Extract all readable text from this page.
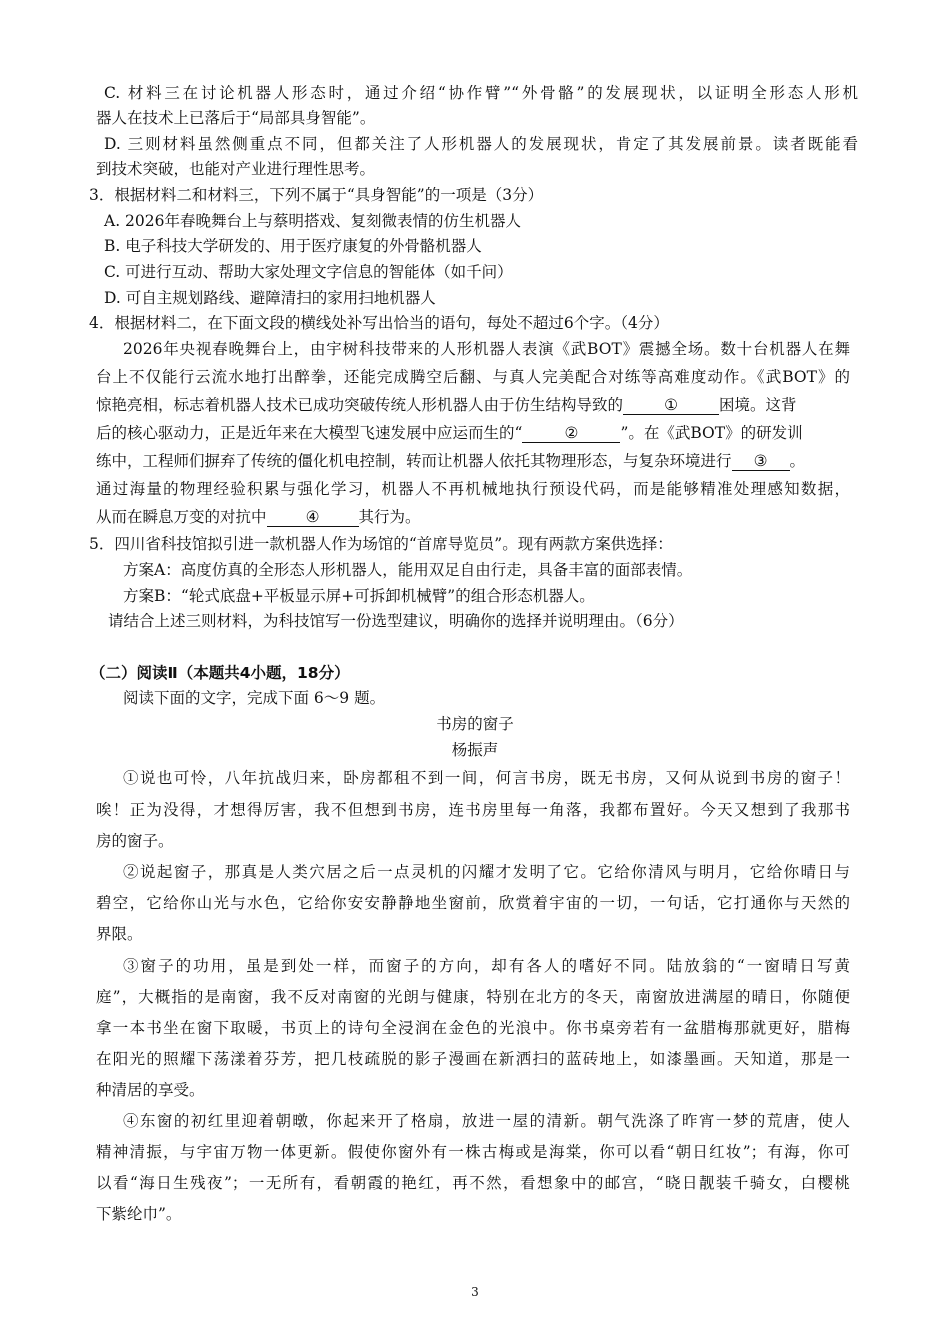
C. 材料三在讨论机器人形态时，通过介绍“协作臂”“外骨骼”的发展现状，以证明全形态人形机
器人在技术上已落后于“局部具身智能”。
D. 三则材料虽然侧重点不同，但都关注了人形机器人的发展现状，肯定了其发展前景。读者既能看
到技术突破，也能对产业进行理性思考。
3．根据材料二和材料三，下列不属于“具身智能”的一项是（3分）
A. 2026年春晚舞台上与蔡明搭戏、复刻微表情的仿生机器人
B. 电子科技大学研发的、用于医疗康复的外骨骼机器人
C. 可进行互动、帮助大家处理文字信息的智能体（如千问）
D. 可自主规划路线、避障清扫的家用扫地机器人
4．根据材料二，在下面文段的横线处补写出恰当的语句，每处不超过6个字。（4分）
2026年央视春晚舞台上，由宇树科技带来的人形机器人表演《武BOT》震撼全场。数十台机器人在舞
台上不仅能行云流水地打出醉拳，还能完成腾空后翻、与真人完美配合对练等高难度动作。《武BOT》的
惊艳亮相，标志着机器人技术已成功突破传统人形机器人由于仿生结构导致的	①	困境。这背
后的核心驱动力，正是近年来在大模型飞速发展中应运而生的“	②	”。在《武BOT》的研发训
练中，工程师们摒弃了传统的僵化机电控制，转而让机器人依托其物理形态，与复杂环境进行 ③ 。
通过海量的物理经验积累与强化学习，机器人不再机械地执行预设代码，而是能够精准处理感知数据，
从而在瞬息万变的对抗中	④	其行为。
5．四川省科技馆拟引进一款机器人作为场馆的“首席导览员”。现有两款方案供选择：
方案A：高度仿真的全形态人形机器人，能用双足自由行走，具备丰富的面部表情。
方案B：“轮式底盘+平板显示屏+可拆卸机械臂”的组合形态机器人。
请结合上述三则材料，为科技馆写一份选型建议，明确你的选择并说明理由。（6分）
（二）阅读Ⅱ（本题共4小题，18分）
阅读下面的文字，完成下面 6～9 题。
书房的窗子
杨振声
①说也可怜，八年抗战归来，卧房都租不到一间，何言书房，既无书房，又何从说到书房的窗子！
唉！正为没得，才想得厉害，我不但想到书房，连书房里每一角落，我都布置好。今天又想到了我那书
房的窗子。
②说起窗子，那真是人类穴居之后一点灵机的闪耀才发明了它。它给你清风与明月，它给你晴日与
碧空，它给你山光与水色，它给你安安静静地坐窗前，欣赏着宇宙的一切，一句话，它打通你与天然的
界限。
③窗子的功用，虽是到处一样，而窗子的方向，却有各人的嗜好不同。陆放翁的“一窗晴日写黄
庭”，大概指的是南窗，我不反对南窗的光朗与健康，特别在北方的冬天，南窗放进满屋的晴日，你随便
拿一本书坐在窗下取暖，书页上的诗句全浸润在金色的光浪中。你书桌旁若有一盆腊梅那就更好，腊梅
在阳光的照耀下荡漾着芬芳，把几枝疏脱的影子漫画在新洒扫的蓝砖地上，如漆墨画。天知道，那是一
种清居的享受。
④东窗的初红里迎着朝暾，你起来开了格扇，放进一屋的清新。朝气洗涤了昨宵一梦的荒唐，使人
精神清振，与宇宙万物一体更新。假使你窗外有一株古梅或是海棠，你可以看“朝日红妆”；有海，你可
以看“海日生残夜”；一无所有，看朝霞的艳红，再不然，看想象中的邮宫，“晓日靓装千骑女，白樱桃
下紫纶巾”。
3
